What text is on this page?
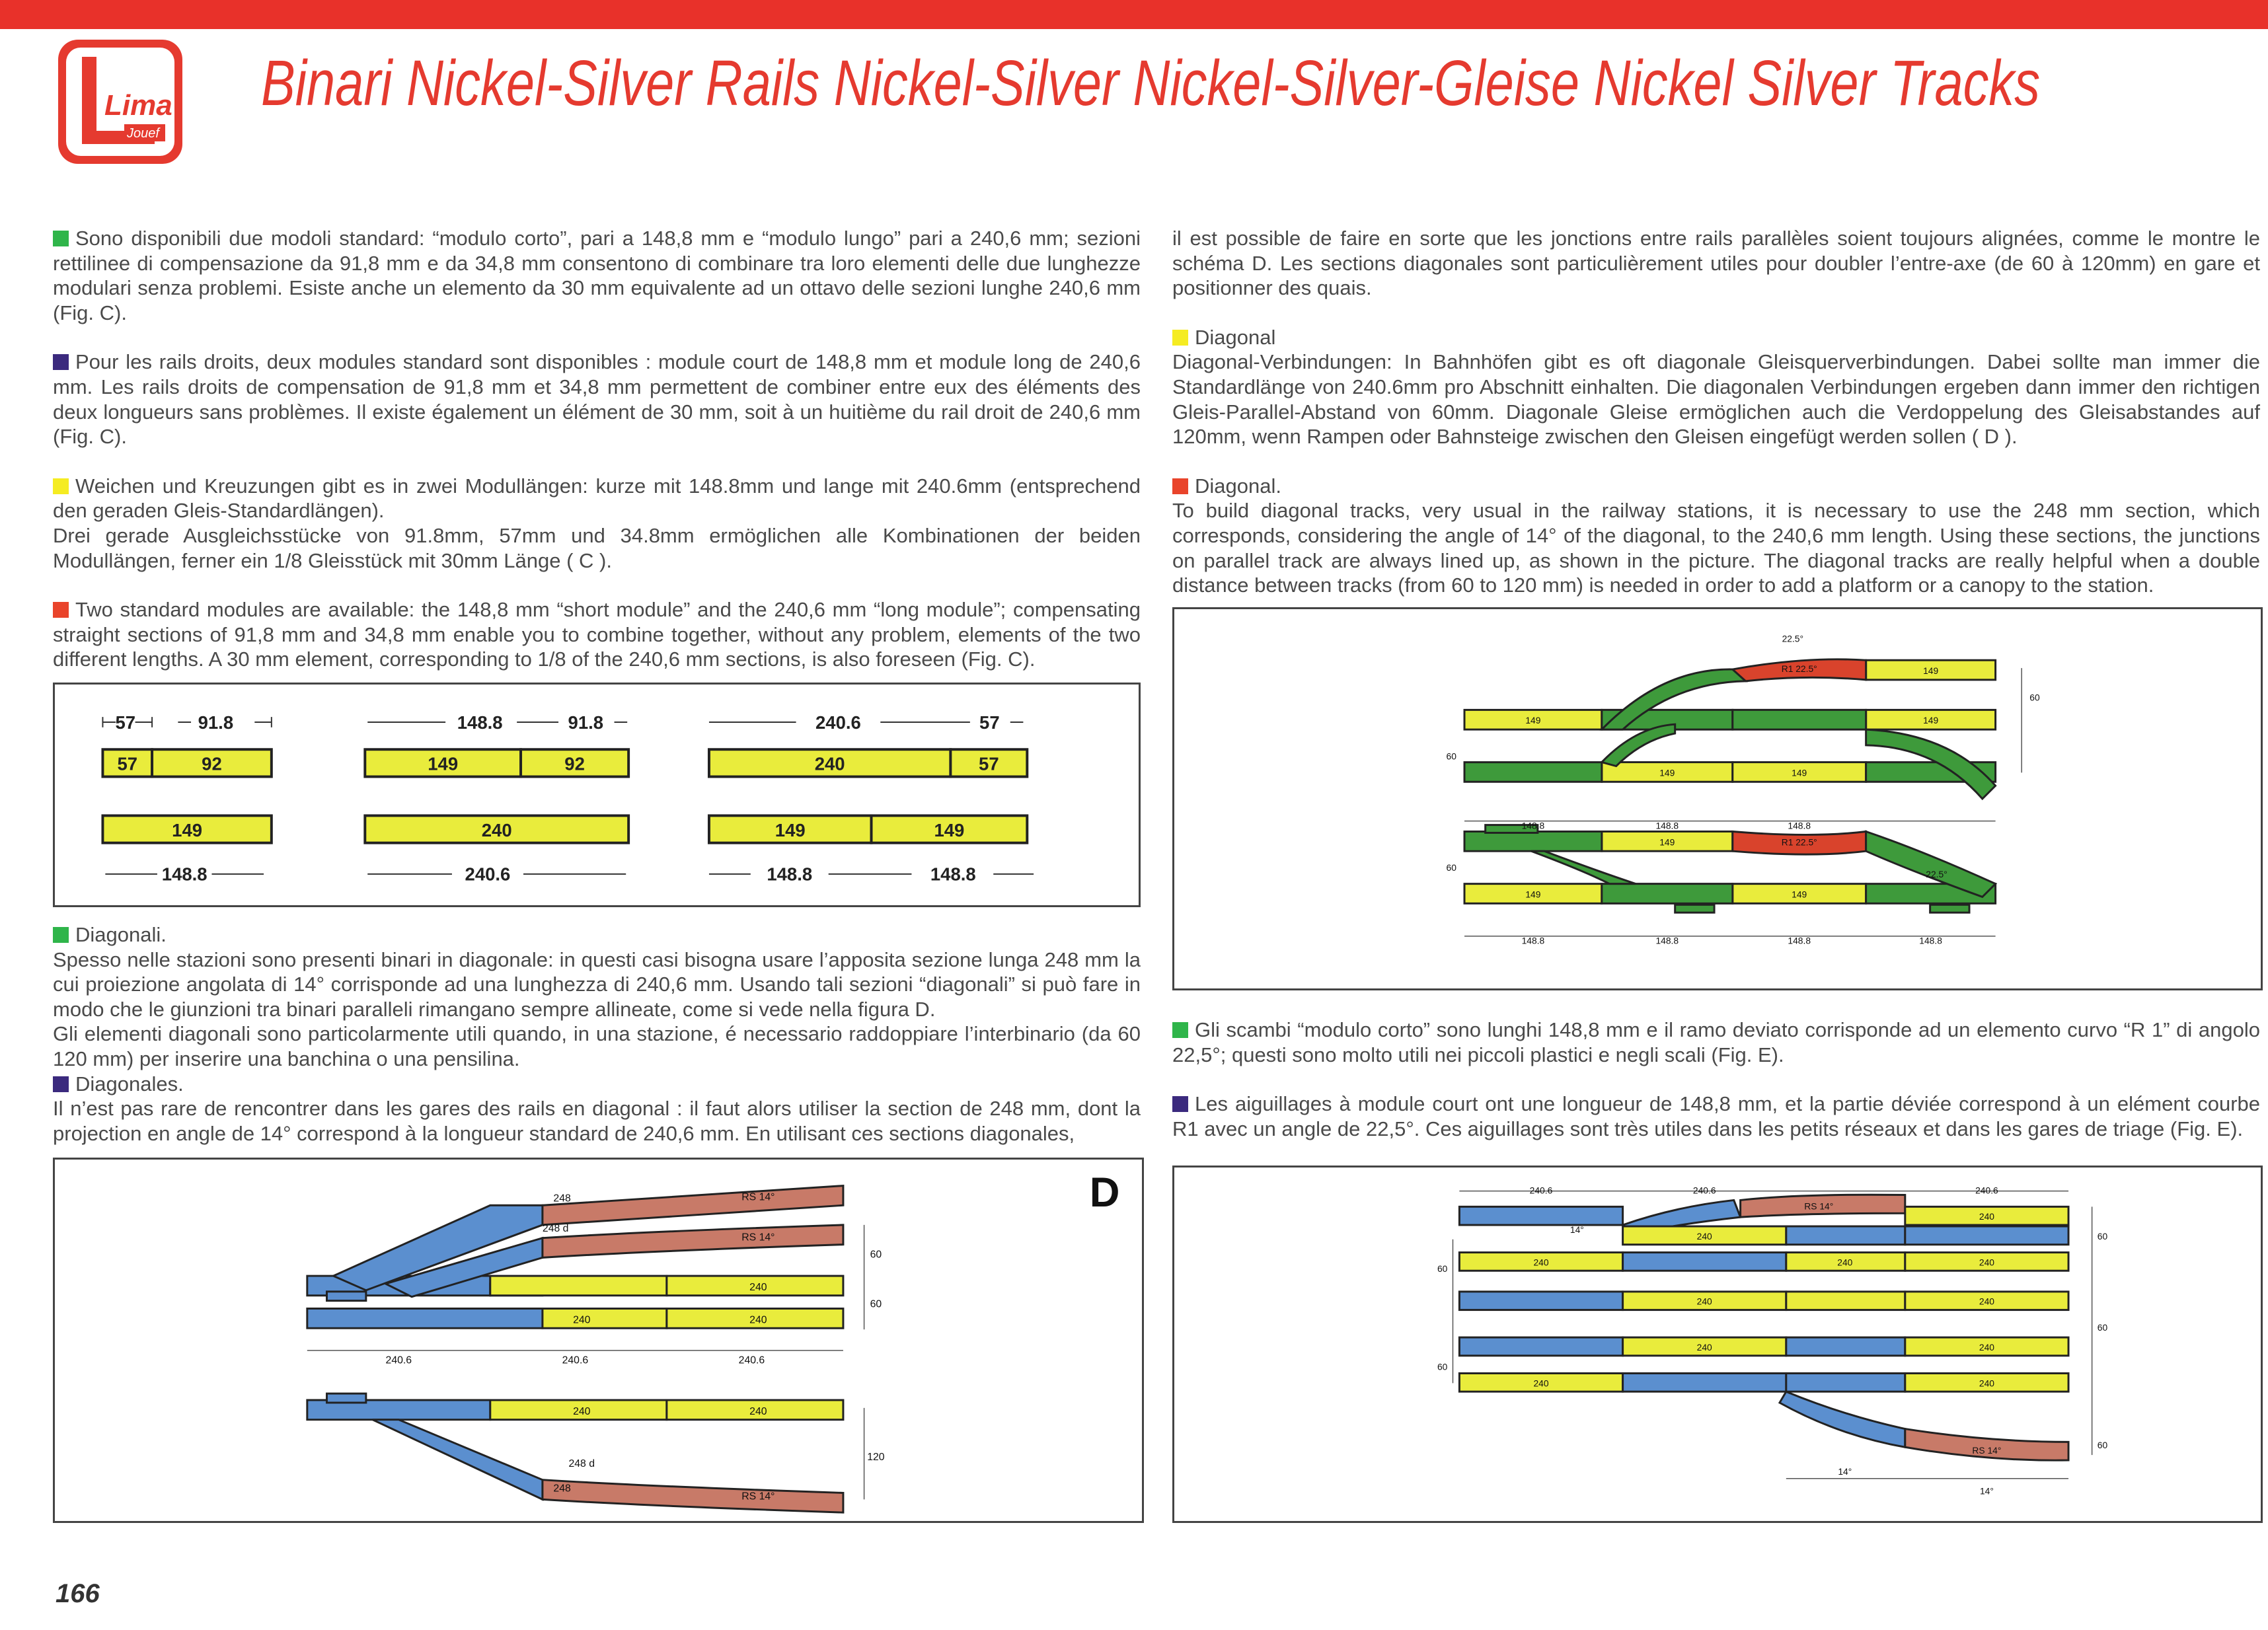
Lima
Jouef
Binari Nickel-Silver Rails Nickel-Silver Nickel-Silver-Gleise Nickel Silver Tracks

Sono disponibili due modoli standard: “modulo corto”, pari a 148,8 mm e “modulo lungo” pari a 240,6 mm; sezioni rettilinee di compensazione da 91,8 mm e da 34,8 mm consentono di combinare tra loro elementi delle due lunghezze modulari senza problemi. Esiste anche un elemento da 30 mm equivalente ad un ottavo delle sezioni lunghe 240,6 mm (Fig. C).

Pour les rails droits, deux modules standard sont disponibles : module court de 148,8 mm et module long de 240,6 mm. Les rails droits de compensation de 91,8 mm et 34,8 mm permettent de combiner entre eux des éléments des deux longueurs sans problèmes. Il existe également un élément de 30 mm, soit à un huitième du rail droit de 240,6 mm (Fig. C).

Weichen und Kreuzungen gibt es in zwei Modullängen: kurze mit 148.8mm und lange mit 240.6mm (entsprechend den geraden Gleis-Standardlängen).
Drei gerade Ausgleichsstücke von 91.8mm, 57mm und 34.8mm ermöglichen alle Kombinationen der beiden Modullängen, ferner ein 1/8 Gleisstück mit 30mm Länge ( C ).

Two standard modules are available: the 148,8 mm “short module” and the 240,6 mm “long module”; compensating straight sections of 91,8 mm and 34,8 mm enable you to combine together, without any problem, elements of the two different lengths. A 30 mm element, corresponding to 1/8 of the 240,6 mm sections, is also foreseen (Fig. C).

Diagonali.

Spesso nelle stazioni sono presenti binari in diagonale: in questi casi bisogna usare l’apposita sezione lunga 248 mm la cui proiezione angolata di 14° corrisponde ad una lunghezza di 240,6 mm. Usando tali sezioni “diagonali” si può fare in modo che le giunzioni tra binari paralleli rimangano sempre allineate, come si vede nella figura D.

Gli elementi diagonali sono particolarmente utili quando, in una stazione, é necessario raddoppiare l’interbinario (da 60 120 mm) per inserire una banchina o una pensilina.

Diagonales.

Il n’est pas rare de rencontrer dans les gares des rails en diagonal : il faut alors utiliser la section de 248 mm, dont la projection en angle de 14° correspond à la longueur standard de 240,6 mm. En utilisant ces sections diagonales,

il est possible de faire en sorte que les jonctions entre rails parallèles soient toujours alignées, comme le montre le schéma D. Les sections diagonales sont particulièrement utiles pour doubler l’entre-axe (de 60 à 120mm) en gare et positionner des quais.

Diagonal

Diagonal-Verbindungen: In Bahnhöfen gibt es oft diagonale Gleisquerverbindungen. Dabei sollte man immer die Standardlänge von 240.6mm pro Abschnitt einhalten. Die diagonalen Verbindungen ergeben dann immer den richtigen Gleis-Parallel-Abstand von 60mm. Diagonale Gleise ermöglichen auch die Verdoppelung des Gleisabstandes auf 120mm, wenn Rampen oder Bahnsteige zwischen den Gleisen eingefügt werden sollen ( D ).

Diagonal.

To build diagonal tracks, very usual in the railway stations, it is necessary to use the 248 mm section, which corresponds, considering the angle of 14° of the diagonal, to the 240,6 mm length. Using these sections, the junctions on parallel track are always lined up, as shown in the picture. The diagonal tracks are really helpful when a double distance between tracks (from 60 to 120 mm) is needed in order to add a platform or a canopy to the station.

Gli scambi “modulo corto” sono lunghi 148,8 mm e il ramo deviato corrisponde ad un elemento curvo “R 1” di angolo 22,5°; questi sono molto utili nei piccoli plastici e negli scali (Fig. E).

Les aiguillages à module court ont une longueur de 148,8 mm, et la partie déviée correspond à un elément courbe R1 avec un angle de 22,5°. Ces aiguillages sont très utiles dans les petits réseaux et dans les gares de triage (Fig. E).

57	91.8
57	92
149
148.8
148.8	91.8
149	92
240
240.6
240.6	57
240	57
149	149
148.8	148.8
248
248 d
RS 14°
RS 14°
240
240	240
240	240
248 d
248
RS 14°
240.6	240.6	240.6
60
60
120
D
149
149
149
149	149
R1 22.5°
22.5°
149
149
149
R1 22.5°
22.5°
148.8	148.8	148.8
148.8	148.8	148.8	148.8
60
60
60
240.6	240.6	240.6
14°
RS 14°
240
240
240	240	240
240	240
240	240
240	240
RS 14°
14°
14°
60
60
60
60
60
166
